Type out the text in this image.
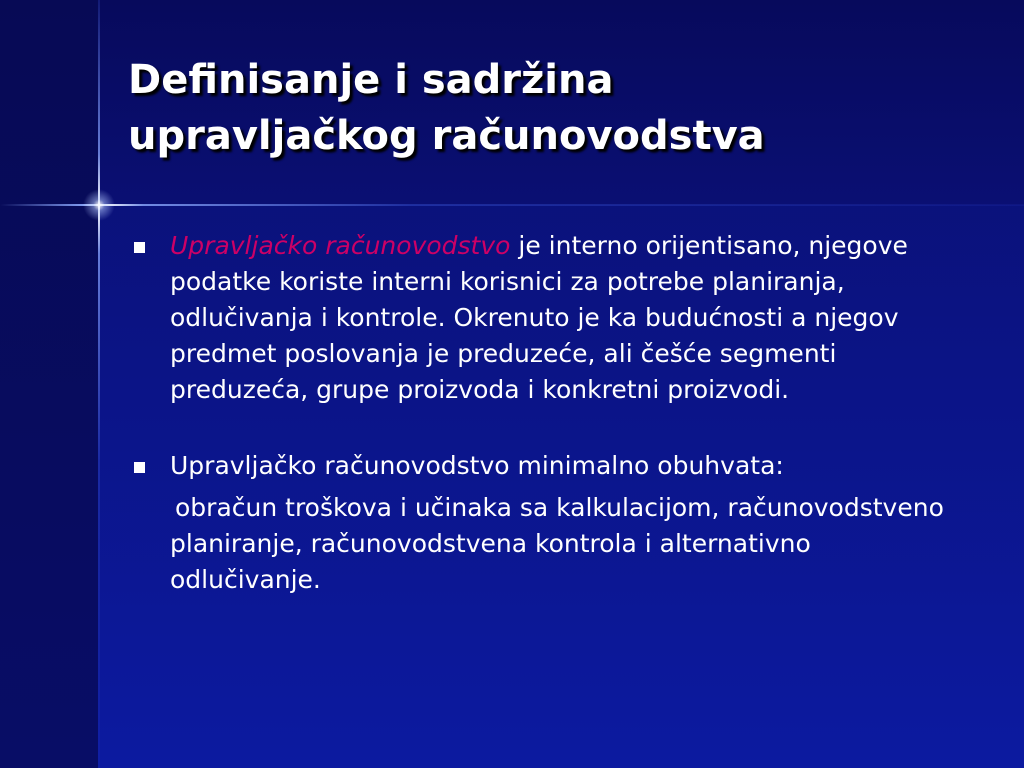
Definisanje i sadržina
upravljačkog računovodstva

Upravljačko računovodstvo je interno orijentisano, njegove podatke koriste interni korisnici za potrebe planiranja, odlučivanja i kontrole. Okrenuto je ka budućnosti a njegov predmet poslovanja je preduzeće, ali češće segmenti preduzeća, grupe proizvoda i konkretni proizvodi.

Upravljačko računovodstvo minimalno obuhvata:

obračun troškova i učinaka sa kalkulacijom, računovodstveno planiranje, računovodstvena kontrola i alternativno odlučivanje.
